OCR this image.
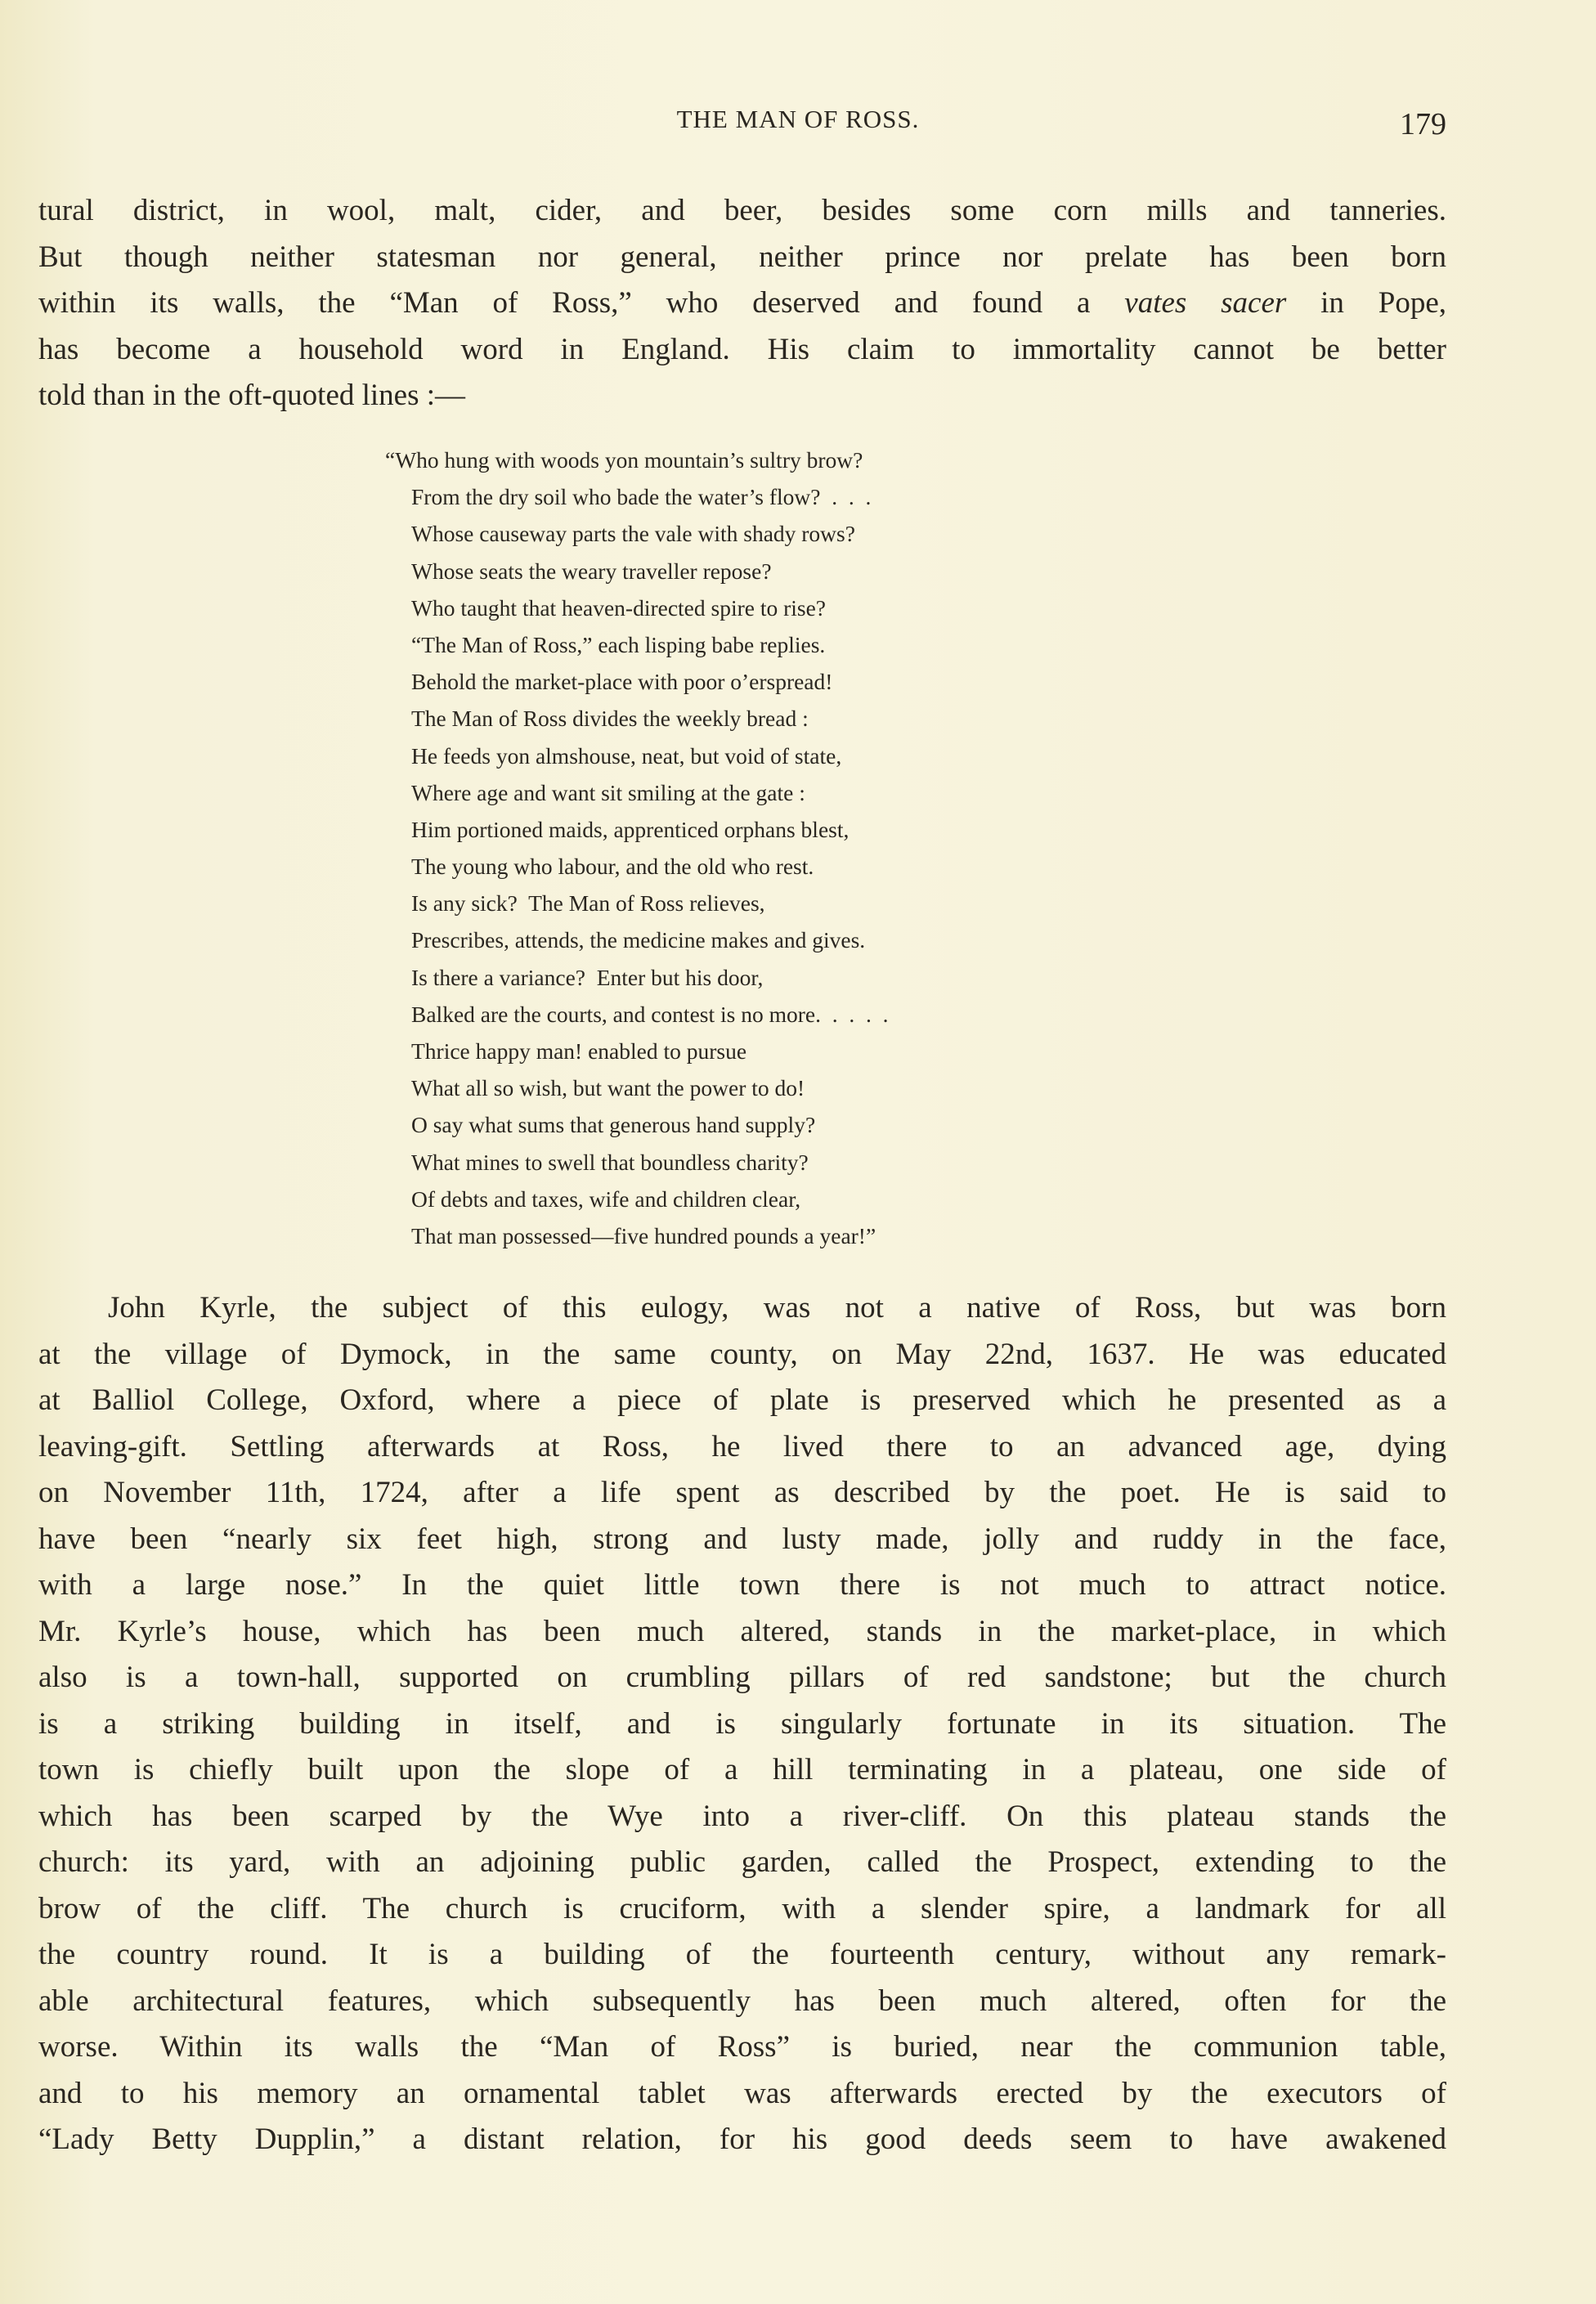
THE MAN OF ROSS.	179
tural district, in wool, malt, cider, and beer, besides some corn mills and tanneries.
But though neither statesman nor general, neither prince nor prelate has been born
within its walls, the “Man of Ross,” who deserved and found a vates sacer in Pope,
has become a household word in England. His claim to immortality cannot be better
told than in the oft-quoted lines :—
“Who hung with woods yon mountain’s sultry brow?
From the dry soil who bade the water’s flow?  .  .  .
Whose causeway parts the vale with shady rows?
Whose seats the weary traveller repose?
Who taught that heaven-directed spire to rise?
“The Man of Ross,” each lisping babe replies.
Behold the market-place with poor o’erspread!
The Man of Ross divides the weekly bread :
He feeds yon almshouse, neat, but void of state,
Where age and want sit smiling at the gate :
Him portioned maids, apprenticed orphans blest,
The young who labour, and the old who rest.
Is any sick?  The Man of Ross relieves,
Prescribes, attends, the medicine makes and gives.
Is there a variance?  Enter but his door,
Balked are the courts, and contest is no more.  .  .  .  .
Thrice happy man! enabled to pursue
What all so wish, but want the power to do!
O say what sums that generous hand supply?
What mines to swell that boundless charity?
Of debts and taxes, wife and children clear,
That man possessed—five hundred pounds a year!”
John Kyrle, the subject of this eulogy, was not a native of Ross, but was born
at the village of Dymock, in the same county, on May 22nd, 1637. He was educated
at Balliol College, Oxford, where a piece of plate is preserved which he presented as a
leaving-gift. Settling afterwards at Ross, he lived there to an advanced age, dying
on November 11th, 1724, after a life spent as described by the poet. He is said to
have been “nearly six feet high, strong and lusty made, jolly and ruddy in the face,
with a large nose.” In the quiet little town there is not much to attract notice.
Mr. Kyrle’s house, which has been much altered, stands in the market-place, in which
also is a town-hall, supported on crumbling pillars of red sandstone; but the church
is a striking building in itself, and is singularly fortunate in its situation. The
town is chiefly built upon the slope of a hill terminating in a plateau, one side of
which has been scarped by the Wye into a river-cliff. On this plateau stands the
church: its yard, with an adjoining public garden, called the Prospect, extending to the
brow of the cliff. The church is cruciform, with a slender spire, a landmark for all
the country round. It is a building of the fourteenth century, without any remark-
able architectural features, which subsequently has been much altered, often for the
worse. Within its walls the “Man of Ross” is buried, near the communion table,
and to his memory an ornamental tablet was afterwards erected by the executors of
“Lady Betty Dupplin,” a distant relation, for his good deeds seem to have awakened
